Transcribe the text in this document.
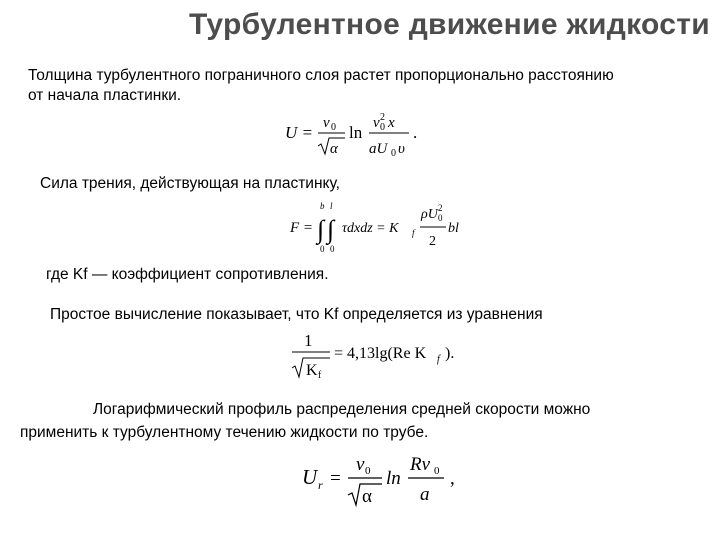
Турбулентное движение жидкости
Толщина турбулентного пограничного слоя растет пропорционально расстоянию
от начала пластинки.
U = v 0
α
ln v 0
2 x
aU 0 υ
.
Сила трения, действующая на пластинку,
F =
b l
∫ ∫
0 0
τdxdz = K f
ρU 0
2
2
bl
где Kf — коэффициент сопротивления.
Простое вычисление показывает, что Kf определяется из уравнения
1
K f
= 4,13lg(Re K f ).
Логарифмический профиль распределения средней скорости можно
применить к турбулентному течению жидкости по трубе.
U r =
v 0
α
ln
Rv 0
a
,
